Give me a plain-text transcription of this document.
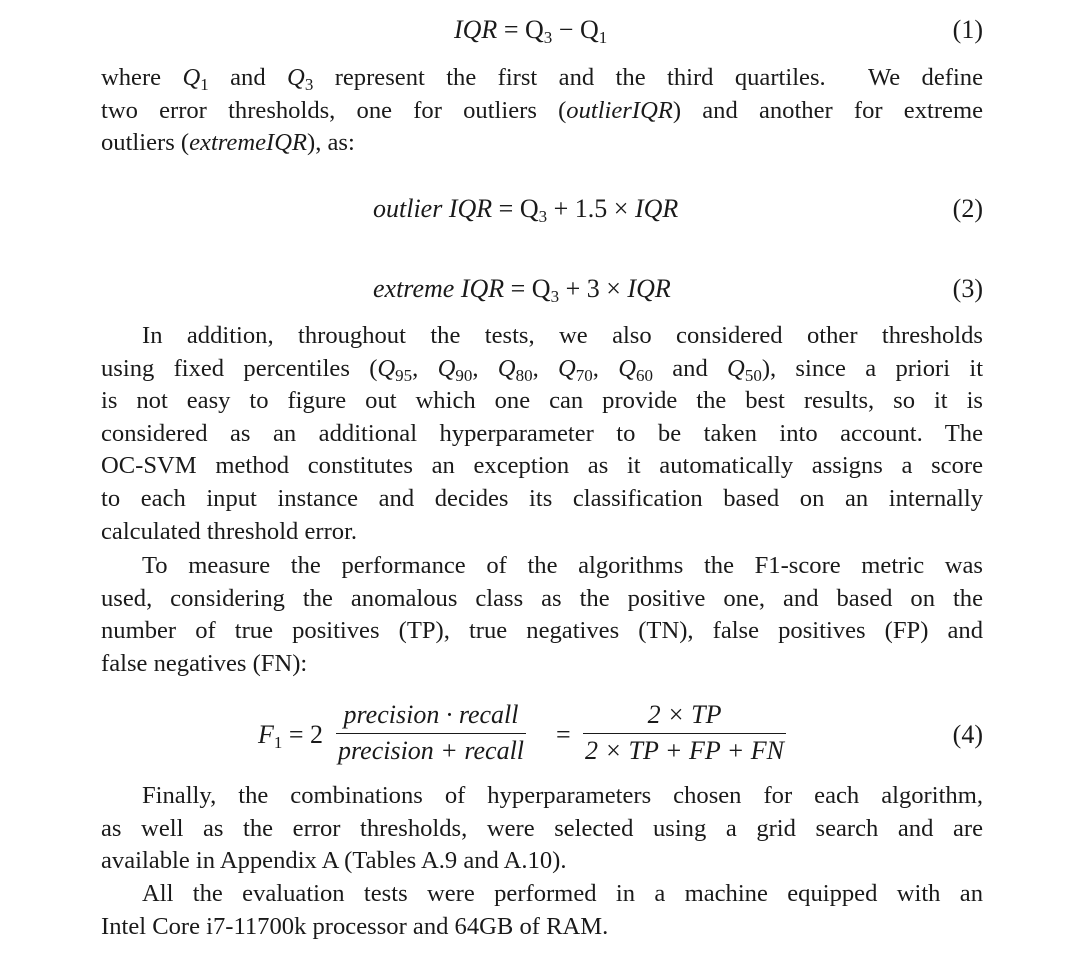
IQR = $Q_3 - Q_1$	(1)
where $Q_1$ and $Q_3$ represent the first and the third quartiles.  We define
two error thresholds, one for outliers (outlierIQR) and another for extreme
outliers (extremeIQR), as:
outlier IQR = $Q_3 + 1.5$ × IQR	(2)
extreme IQR = $Q_3 + 3$ × IQR	(3)
In addition, throughout the tests, we also considered other thresholds
using fixed percentiles ($Q_{95}$, $Q_{90}$, $Q_{80}$, $Q_{70}$, $Q_{60}$ and $Q_{50}$), since a priori it
is not easy to figure out which one can provide the best results, so it is
considered as an additional hyperparameter to be taken into account. The
OC-SVM method constitutes an exception as it automatically assigns a score
to each input instance and decides its classification based on an internally
calculated threshold error.
To measure the performance of the algorithms the F1-score metric was
used, considering the anomalous class as the positive one, and based on the
number of true positives (TP), true negatives (TN), false positives (FP) and
false negatives (FN):
$F_1 = 2$
precision · recall
precision + recall
=
2 × TP
2 × TP + FP + FN
(4)
Finally, the combinations of hyperparameters chosen for each algorithm,
as well as the error thresholds, were selected using a grid search and are
available in Appendix A (Tables A.9 and A.10).
All the evaluation tests were performed in a machine equipped with an
Intel Core i7-11700k processor and 64GB of RAM.
